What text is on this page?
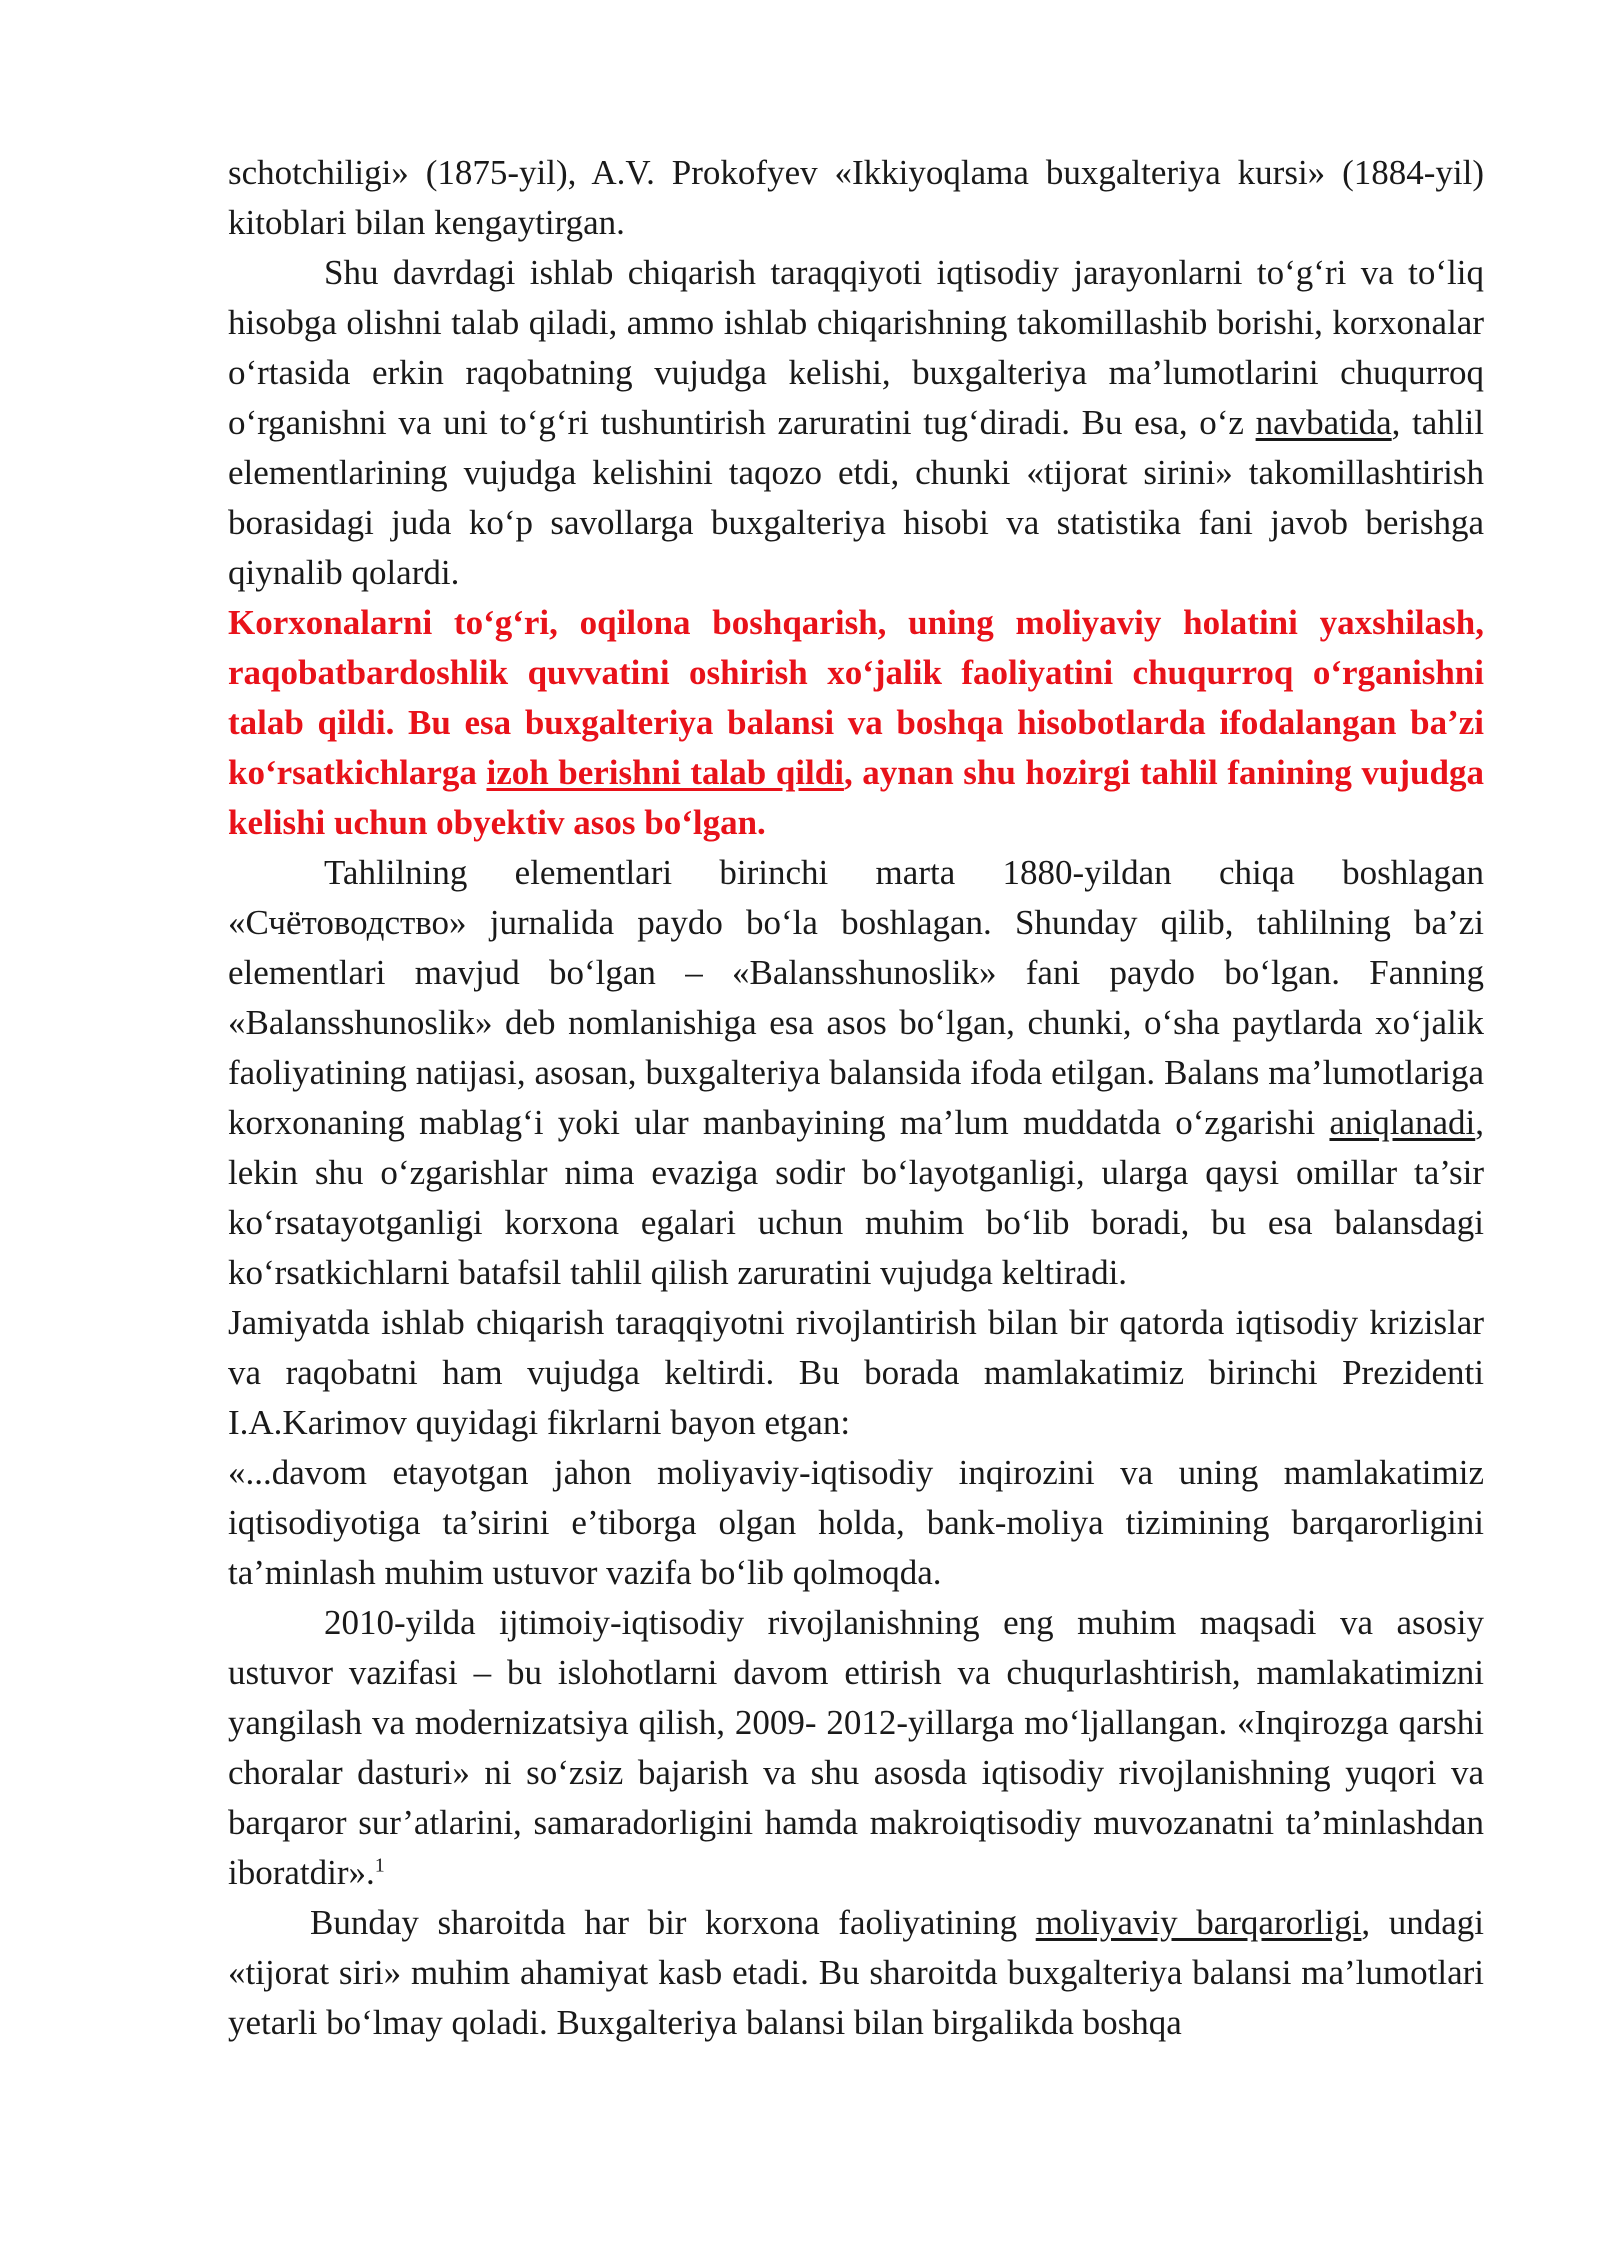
schotchiligi» (1875-yil), A.V. Prokofyev «Ikkiyoqlama buxgalteriya kursi» (1884-yil) kitoblari bilan kengaytirgan.

Shu davrdagi ishlab chiqarish taraqqiyoti iqtisodiy jarayonlarni to‘g‘ri va to‘liq hisobga olishni talab qiladi, ammo ishlab chiqarishning takomillashib borishi, korxonalar o‘rtasida erkin raqobatning vujudga kelishi, buxgalteriya ma’lumotlarini chuqurroq o‘rganishni va uni to‘g‘ri tushuntirish zaruratini tug‘diradi. Bu esa, o‘z navbatida, tahlil elementlarining vujudga kelishini taqozo etdi, chunki «tijorat sirini» takomillashtirish borasidagi juda ko‘p savollarga buxgalteriya hisobi va statistika fani javob berishga qiynalib qolardi.

Korxonalarni to‘g‘ri, oqilona boshqarish, uning moliyaviy holatini yaxshilash, raqobatbardoshlik quvvatini oshirish xo‘jalik faoliyatini chuqurroq o‘rganishni talab qildi. Bu esa buxgalteriya balansi va boshqa hisobotlarda ifodalangan ba’zi ko‘rsatkichlarga izoh berishni talab qildi, aynan shu hozirgi tahlil fanining vujudga kelishi uchun obyektiv asos bo‘lgan.

Tahlilning elementlari birinchi marta 1880-yildan chiqa boshlagan «Счётоводство» jurnalida paydo bo‘la boshlagan. Shunday qilib, tahlilning ba’zi elementlari mavjud bo‘lgan – «Balansshunoslik» fani paydo bo‘lgan. Fanning «Balansshunoslik» deb nomlanishiga esa asos bo‘lgan, chunki, o‘sha paytlarda xo‘jalik faoliyatining natijasi, asosan, buxgalteriya balansida ifoda etilgan. Balans ma’lumotlariga korxonaning mablag‘i yoki ular manbayining ma’lum muddatda o‘zgarishi aniqlanadi, lekin shu o‘zgarishlar nima evaziga sodir bo‘layotganligi, ularga qaysi omillar ta’sir ko‘rsatayotganligi korxona egalari uchun muhim bo‘lib boradi, bu esa balansdagi ko‘rsatkichlarni batafsil tahlil qilish zaruratini vujudga keltiradi.

Jamiyatda ishlab chiqarish taraqqiyotni rivojlantirish bilan bir qatorda iqtisodiy krizislar va raqobatni ham vujudga keltirdi. Bu borada mamlakatimiz birinchi Prezidenti I.A.Karimov quyidagi fikrlarni bayon etgan:

«...davom etayotgan jahon moliyaviy-iqtisodiy inqirozini va uning mamlakatimiz iqtisodiyotiga ta’sirini e’tiborga olgan holda, bank-moliya tizimining barqarorligini ta’minlash muhim ustuvor vazifa bo‘lib qolmoqda.

2010-yilda ijtimoiy-iqtisodiy rivojlanishning eng muhim maqsadi va asosiy ustuvor vazifasi – bu islohotlarni davom ettirish va chuqurlashtirish, mamlakatimizni yangilash va modernizatsiya qilish, 2009- 2012-yillarga mo‘ljallangan. «Inqirozga qarshi choralar dasturi» ni so‘zsiz bajarish va shu asosda iqtisodiy rivojlanishning yuqori va barqaror sur’atlarini, samaradorligini hamda makroiqtisodiy muvozanatni ta’minlashdan iboratdir».$^1$

Bunday sharoitda har bir korxona faoliyatining moliyaviy barqarorligi, undagi «tijorat siri» muhim ahamiyat kasb etadi. Bu sharoitda buxgalteriya balansi ma’lumotlari yetarli bo‘lmay qoladi. Buxgalteriya balansi bilan birgalikda boshqa
